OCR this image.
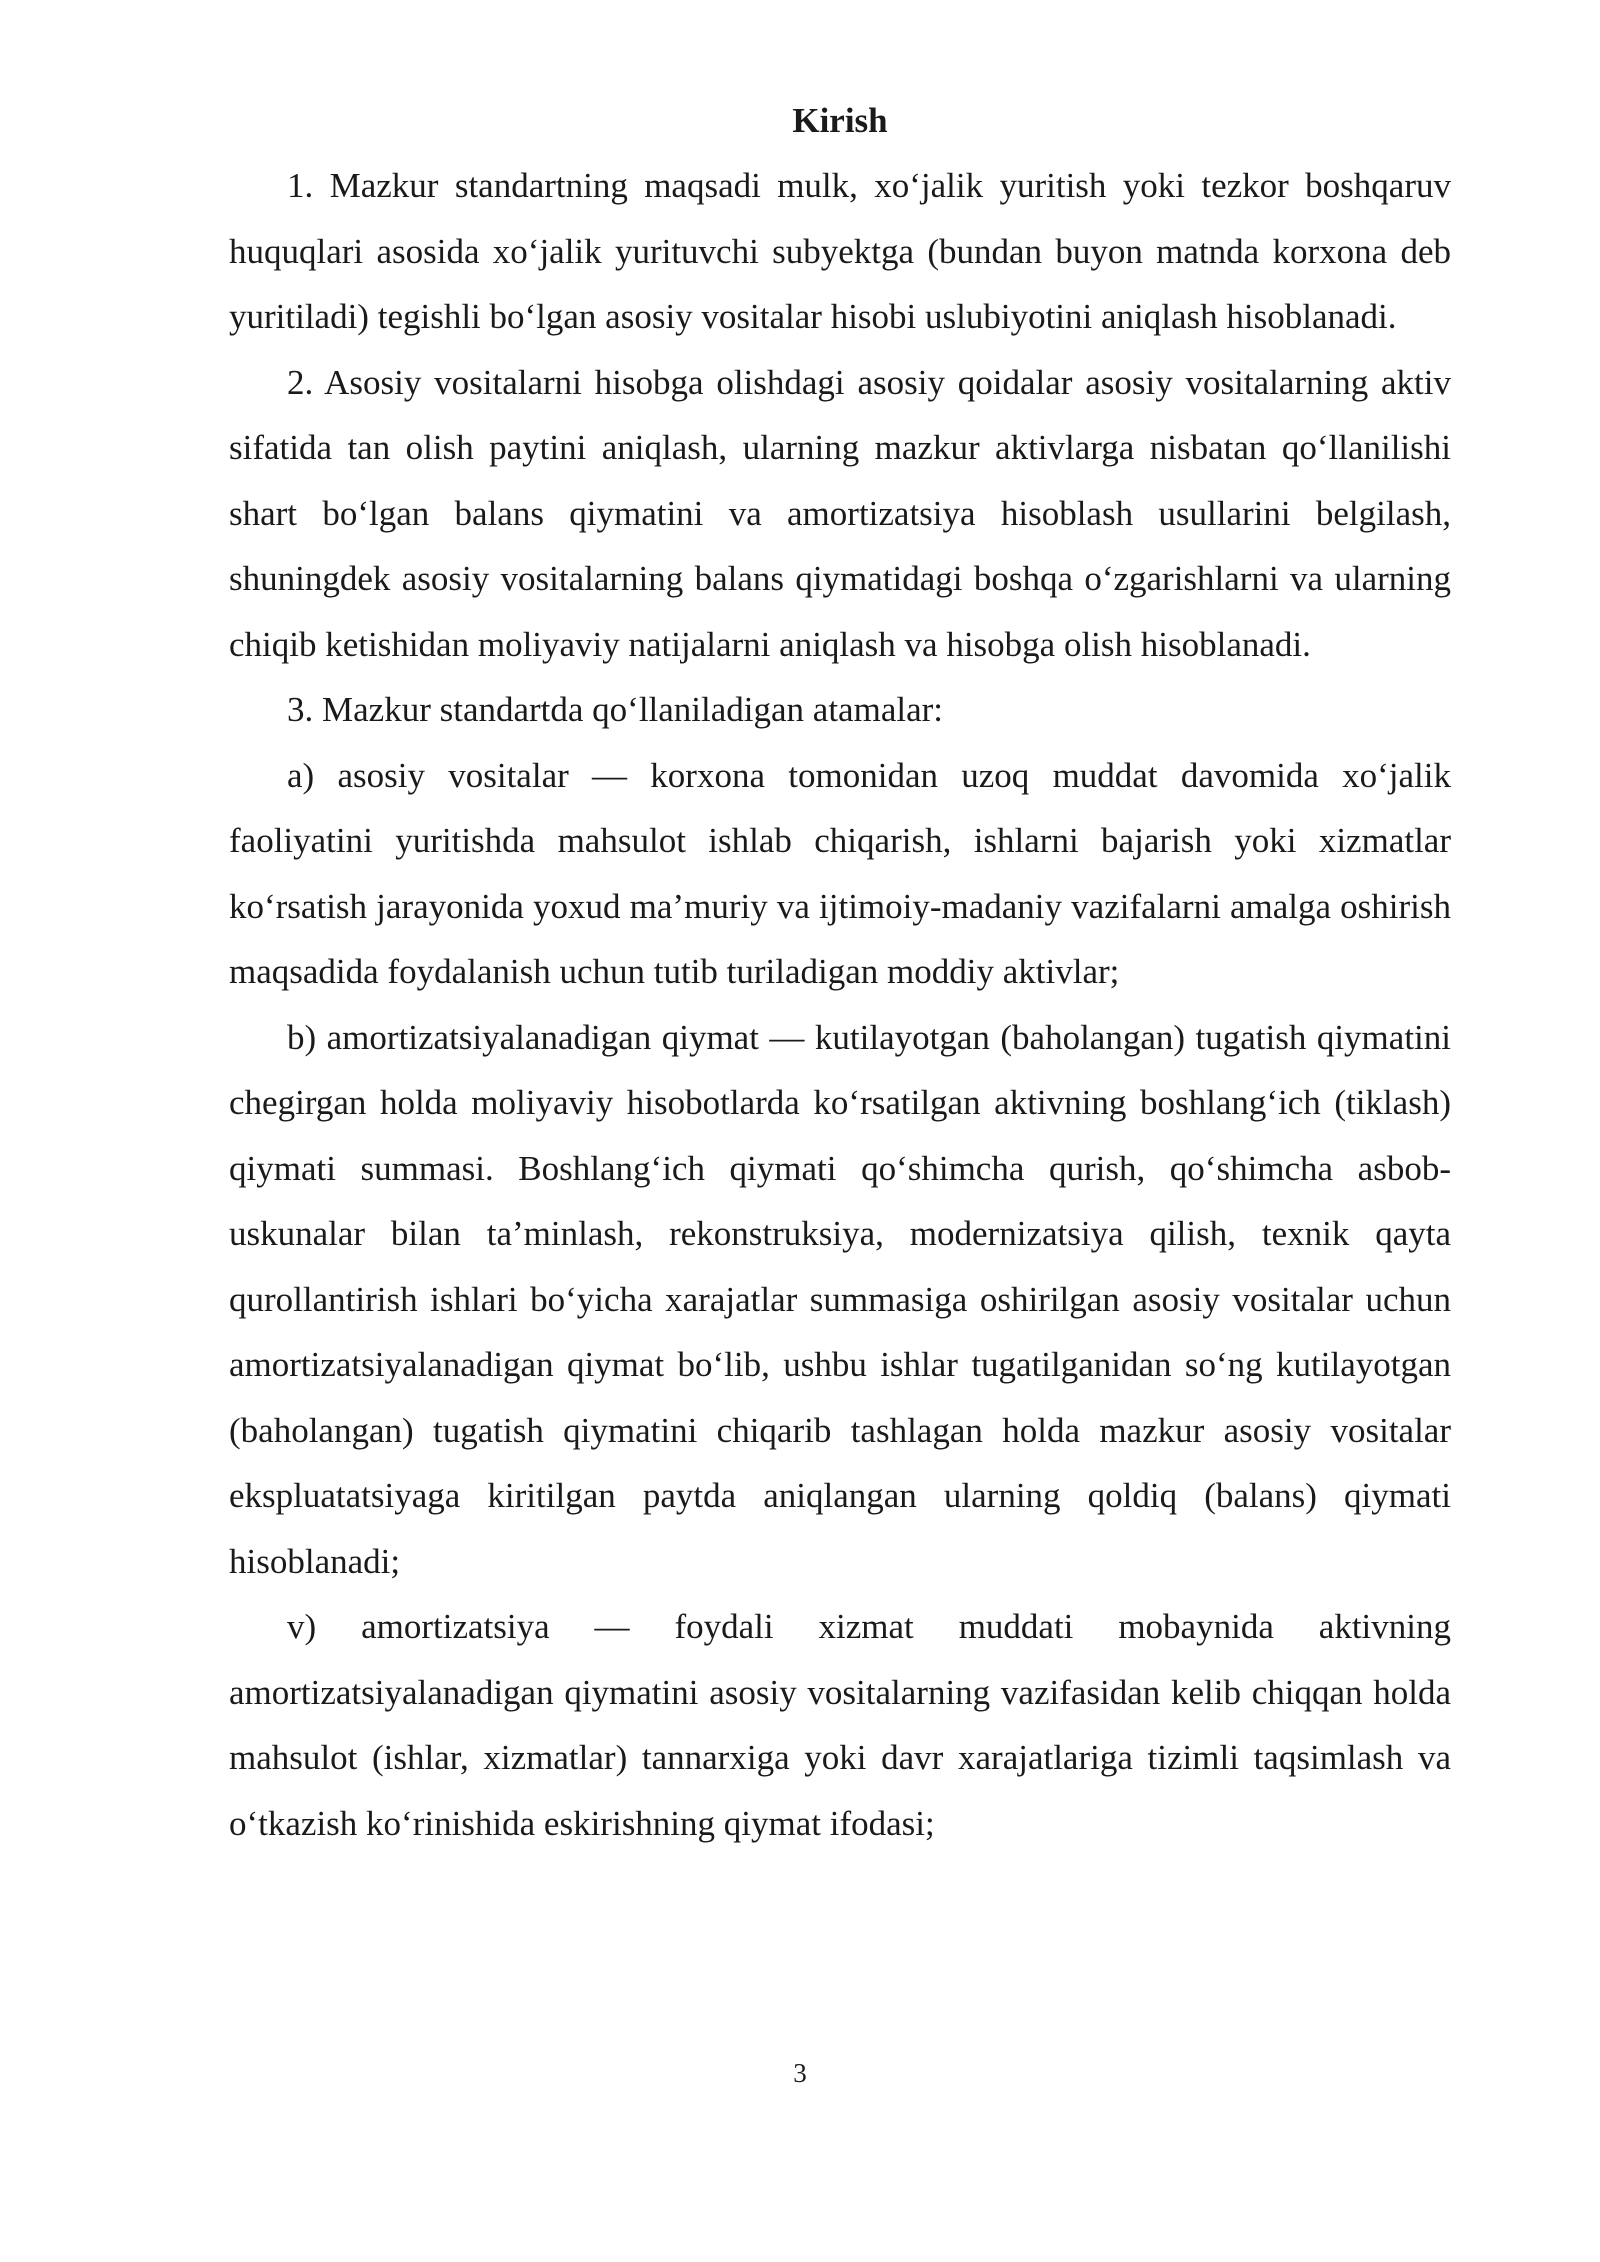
Kirish

1. Mazkur standartning maqsadi mulk, xo‘jalik yuritish yoki tezkor boshqaruv huquqlari asosida xo‘jalik yurituvchi subyektga (bundan buyon matnda korxona deb yuritiladi) tegishli bo‘lgan asosiy vositalar hisobi uslubiyotini aniqlash hisoblanadi.

2. Asosiy vositalarni hisobga olishdagi asosiy qoidalar asosiy vositalarning aktiv sifatida tan olish paytini aniqlash, ularning mazkur aktivlarga nisbatan qo‘llanilishi shart bo‘lgan balans qiymatini va amortizatsiya hisoblash usullarini belgilash, shuningdek asosiy vositalarning balans qiymatidagi boshqa o‘zgarishlarni va ularning chiqib ketishidan moliyaviy natijalarni aniqlash va hisobga olish hisoblanadi.

3. Mazkur standartda qo‘llaniladigan atamalar:

a) asosiy vositalar — korxona tomonidan uzoq muddat davomida xo‘jalik faoliyatini yuritishda mahsulot ishlab chiqarish, ishlarni bajarish yoki xizmatlar ko‘rsatish jarayonida yoxud ma’muriy va ijtimoiy-madaniy vazifalarni amalga oshirish maqsadida foydalanish uchun tutib turiladigan moddiy aktivlar;

b) amortizatsiyalanadigan qiymat — kutilayotgan (baholangan) tugatish qiymatini chegirgan holda moliyaviy hisobotlarda ko‘rsatilgan aktivning boshlang‘ich (tiklash) qiymati summasi. Boshlang‘ich qiymati qo‘shimcha qurish, qo‘shimcha asbob-uskunalar bilan ta’minlash, rekonstruksiya, modernizatsiya qilish, texnik qayta qurollantirish ishlari bo‘yicha xarajatlar summasiga oshirilgan asosiy vositalar uchun amortizatsiyalanadigan qiymat bo‘lib, ushbu ishlar tugatilganidan so‘ng kutilayotgan (baholangan) tugatish qiymatini chiqarib tashlagan holda mazkur asosiy vositalar ekspluatatsiyaga kiritilgan paytda aniqlangan ularning qoldiq (balans) qiymati hisoblanadi;

v) amortizatsiya — foydali xizmat muddati mobaynida aktivning amortizatsiyalanadigan qiymatini asosiy vositalarning vazifasidan kelib chiqqan holda mahsulot (ishlar, xizmatlar) tannarxiga yoki davr xarajatlariga tizimli taqsimlash va o‘tkazish ko‘rinishida eskirishning qiymat ifodasi;

3
